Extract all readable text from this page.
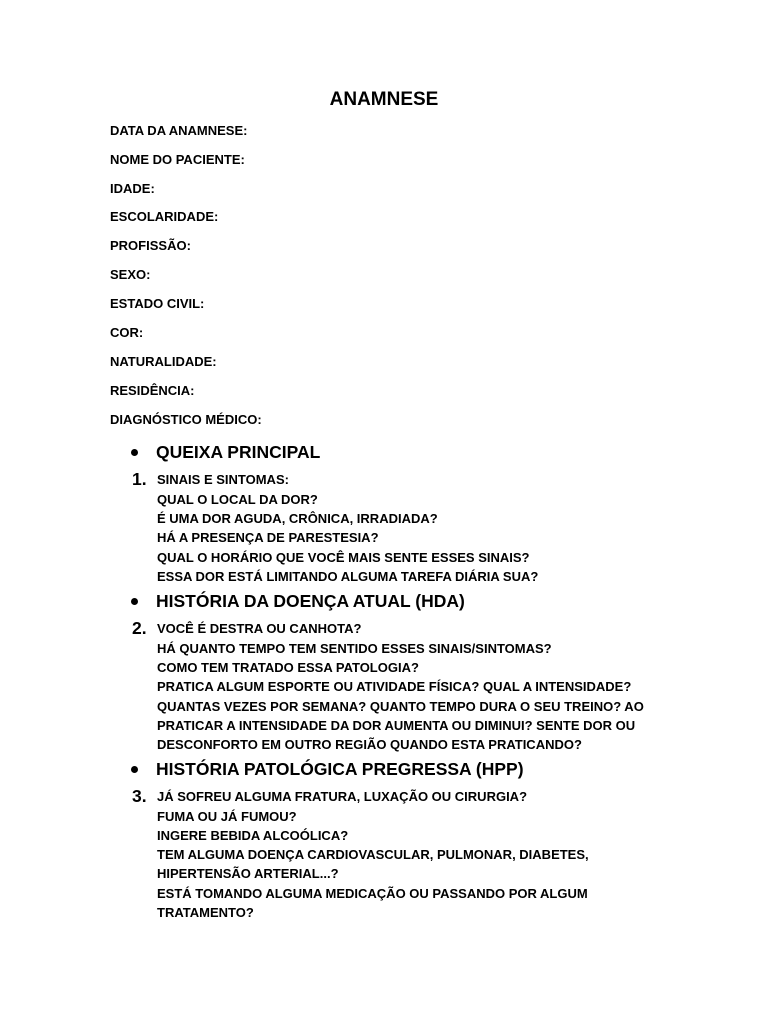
ANAMNESE
DATA DA ANAMNESE:
NOME DO PACIENTE:
IDADE:
ESCOLARIDADE:
PROFISSÃO:
SEXO:
ESTADO CIVIL:
COR:
NATURALIDADE:
RESIDÊNCIA:
DIAGNÓSTICO MÉDICO:
QUEIXA PRINCIPAL
1. SINAIS E SINTOMAS:
QUAL O LOCAL DA DOR?
É UMA DOR AGUDA, CRÔNICA, IRRADIADA?
HÁ A PRESENÇA DE PARESTESIA?
QUAL O HORÁRIO QUE VOCÊ MAIS SENTE ESSES SINAIS?
ESSA DOR ESTÁ LIMITANDO ALGUMA TAREFA DIÁRIA SUA?
HISTÓRIA DA DOENÇA ATUAL (HDA)
2. VOCÊ É DESTRA OU CANHOTA?
HÁ QUANTO TEMPO TEM SENTIDO ESSES SINAIS/SINTOMAS?
COMO TEM TRATADO ESSA PATOLOGIA?
PRATICA ALGUM ESPORTE OU ATIVIDADE FÍSICA? QUAL A INTENSIDADE?
QUANTAS VEZES POR SEMANA? QUANTO TEMPO DURA O SEU TREINO? AO
PRATICAR A INTENSIDADE DA DOR AUMENTA OU DIMINUI? SENTE DOR OU
DESCONFORTO EM OUTRO REGIÃO QUANDO ESTA PRATICANDO?
HISTÓRIA PATOLÓGICA PREGRESSA (HPP)
3. JÁ SOFREU ALGUMA FRATURA, LUXAÇÃO OU CIRURGIA?
FUMA OU JÁ FUMOU?
INGERE BEBIDA ALCOÓLICA?
TEM ALGUMA DOENÇA CARDIOVASCULAR, PULMONAR, DIABETES,
HIPERTENSÃO ARTERIAL...?
ESTÁ TOMANDO ALGUMA MEDICAÇÃO OU PASSANDO POR ALGUM
TRATAMENTO?
